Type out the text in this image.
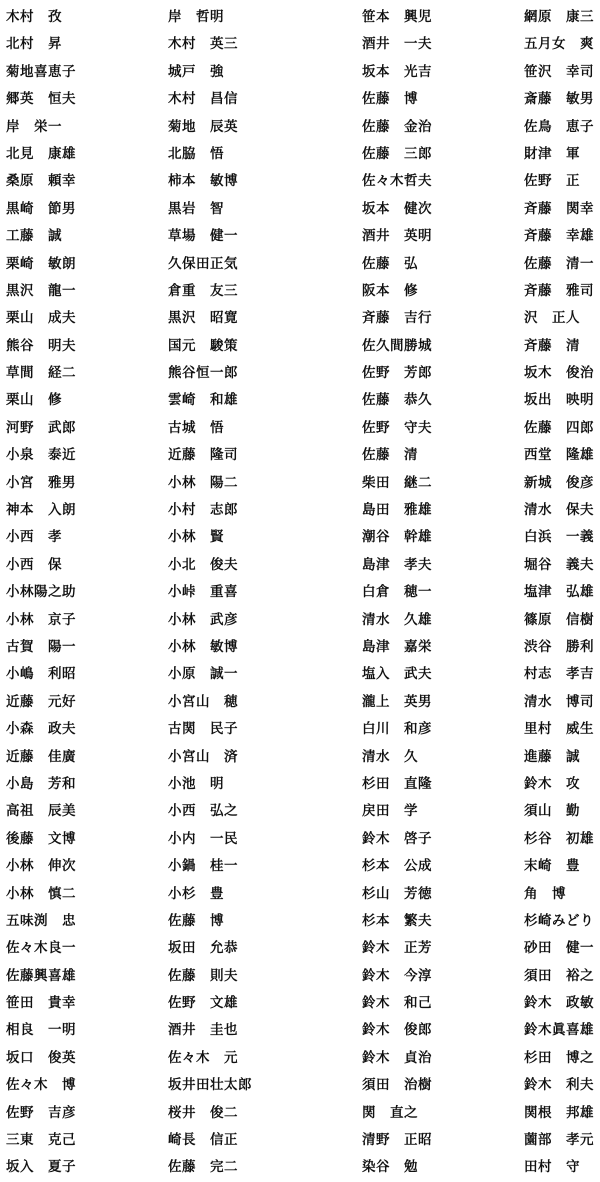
木村　孜
北村　昇
菊地喜恵子
郷英　恒夫
岸　栄一
北見　康雄
桑原　頼幸
黒崎　節男
工藤　誠
栗崎　敏朗
黒沢　龍一
栗山　成夫
熊谷　明夫
草間　経二
栗山　修
河野　武郎
小泉　泰近
小宮　雅男
神本　入朗
小西　孝
小西　保
小林陽之助
小林　京子
古賀　陽一
小嶋　利昭
近藤　元好
小森　政夫
近藤　佳廣
小島　芳和
高祖　辰美
後藤　文博
小林　伸次
小林　慎二
五味渕　忠
佐々木良一
佐藤興喜雄
笹田　貴幸
相良　一明
坂口　俊英
佐々木　博
佐野　吉彦
三東　克己
坂入　夏子
岸　哲明
木村　英三
城戸　強
木村　昌信
菊地　辰英
北脇　悟
柿本　敏博
黒岩　智
草場　健一
久保田正気
倉重　友三
黒沢　昭寛
国元　駿策
熊谷恒一郎
雲崎　和雄
古城　悟
近藤　隆司
小林　陽二
小村　志郎
小林　賢
小北　俊夫
小峠　重喜
小林　武彦
小林　敏博
小原　誠一
小宮山　穂
古関　民子
小宮山　済
小池　明
小西　弘之
小内　一民
小鍋　桂一
小杉　豊
佐藤　博
坂田　允恭
佐藤　則夫
佐野　文雄
酒井　圭也
佐々木　元
坂井田壮太郎
桜井　俊二
崎長　信正
佐藤　完二
笹本　興児
酒井　一夫
坂本　光吉
佐藤　博
佐藤　金治
佐藤　三郎
佐々木哲夫
坂本　健次
酒井　英明
佐藤　弘
阪本　修
斉藤　吉行
佐久間勝城
佐野　芳郎
佐藤　恭久
佐野　守夫
佐藤　清
柴田　継二
島田　雅雄
潮谷　幹雄
島津　孝夫
白倉　穂一
清水　久雄
島津　嘉栄
塩入　武夫
瀧上　英男
白川　和彦
清水　久
杉田　直隆
戻田　学
鈴木　啓子
杉本　公成
杉山　芳徳
杉本　繁夫
鈴木　正芳
鈴木　今淳
鈴木　和己
鈴木　俊郎
鈴木　貞治
須田　治樹
関　直之
清野　正昭
染谷　勉
網原　康三
五月女　爽
笹沢　幸司
斎藤　敏男
佐鳥　恵子
財津　軍
佐野　正
斉藤　関幸
斉藤　幸雄
佐藤　清一
斉藤　雅司
沢　正人
斉藤　清
坂木　俊治
坂出　映明
佐藤　四郎
西堂　隆雄
新城　俊彦
清水　保夫
白浜　一義
堀谷　義夫
塩津　弘雄
篠原　信樹
渋谷　勝利
村志　孝吉
清水　博司
里村　威生
進藤　誠
鈴木　攻
須山　勤
杉谷　初雄
末崎　豊
角　博
杉崎みどり
砂田　健一
須田　裕之
鈴木　政敏
鈴木眞喜雄
杉田　博之
鈴木　利夫
関根　邦雄
薗部　孝元
田村　守
